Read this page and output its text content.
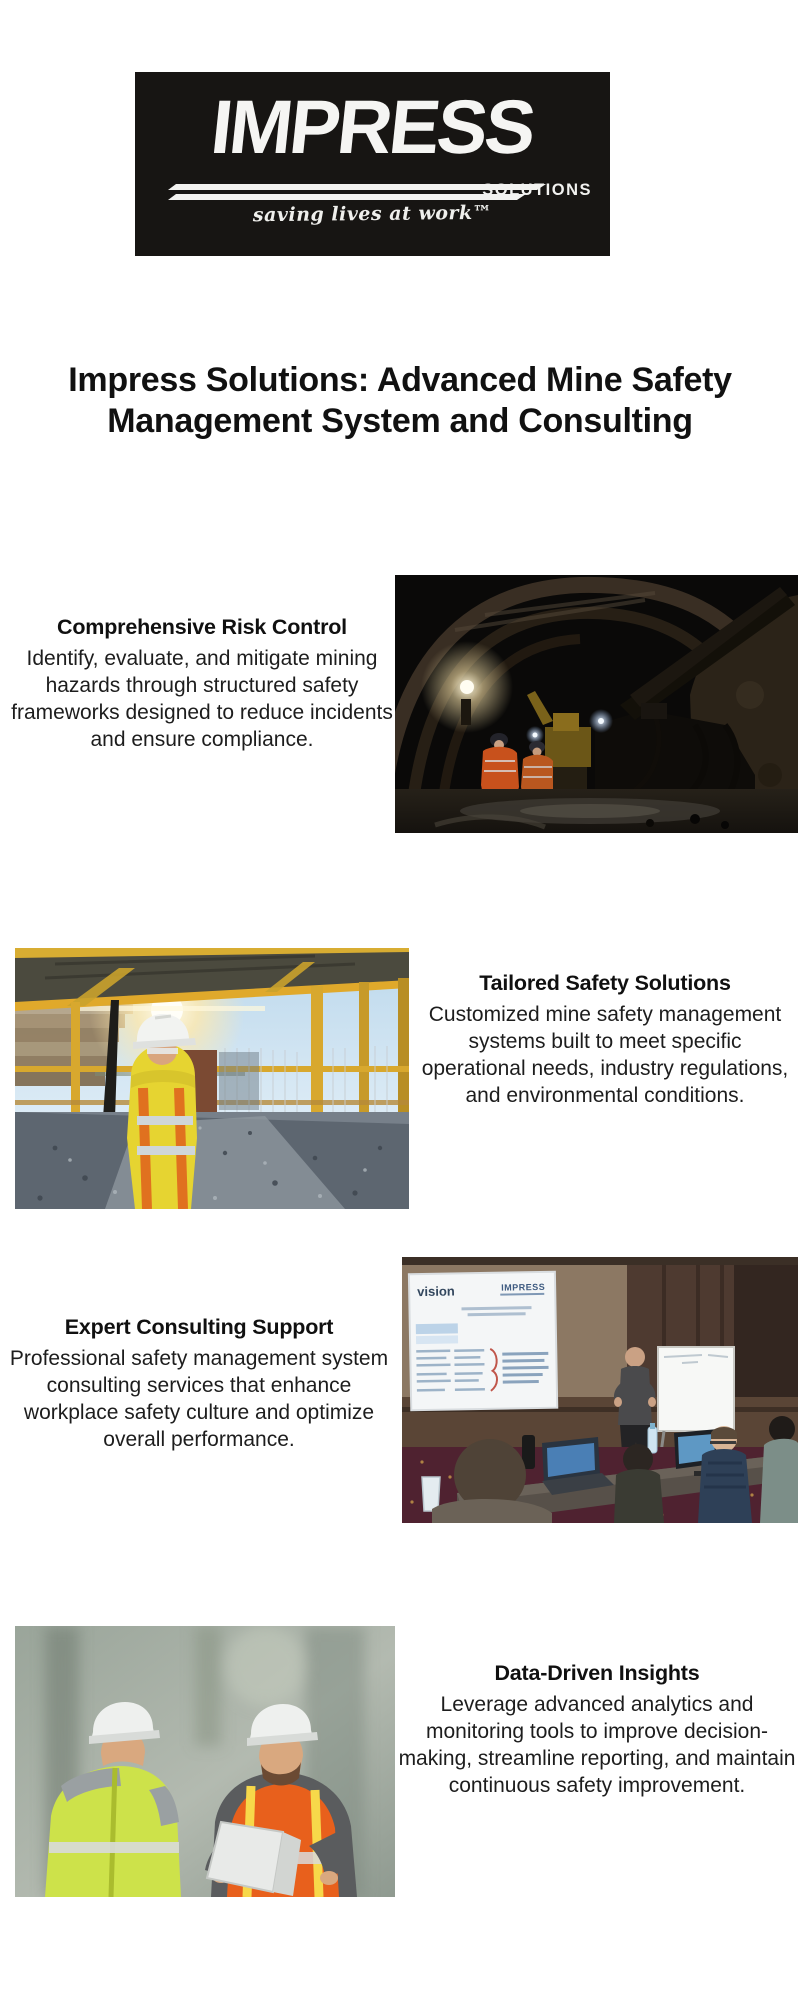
IMPRESS
SOLUTIONS
saving lives at work™
Impress Solutions: Advanced Mine Safety Management System and Consulting
Comprehensive Risk Control
Identify, evaluate, and mitigate mining hazards through structured safety frameworks designed to reduce incidents and ensure compliance.
Tailored Safety Solutions
Customized mine safety management systems built to meet specific operational needs, industry regulations, and environmental conditions.
Expert Consulting Support
Professional safety management system consulting services that enhance workplace safety culture and optimize overall performance.
vision	IMPRESS
Data-Driven Insights
Leverage advanced analytics and monitoring tools to improve decision-making, streamline reporting, and maintain continuous safety improvement.
